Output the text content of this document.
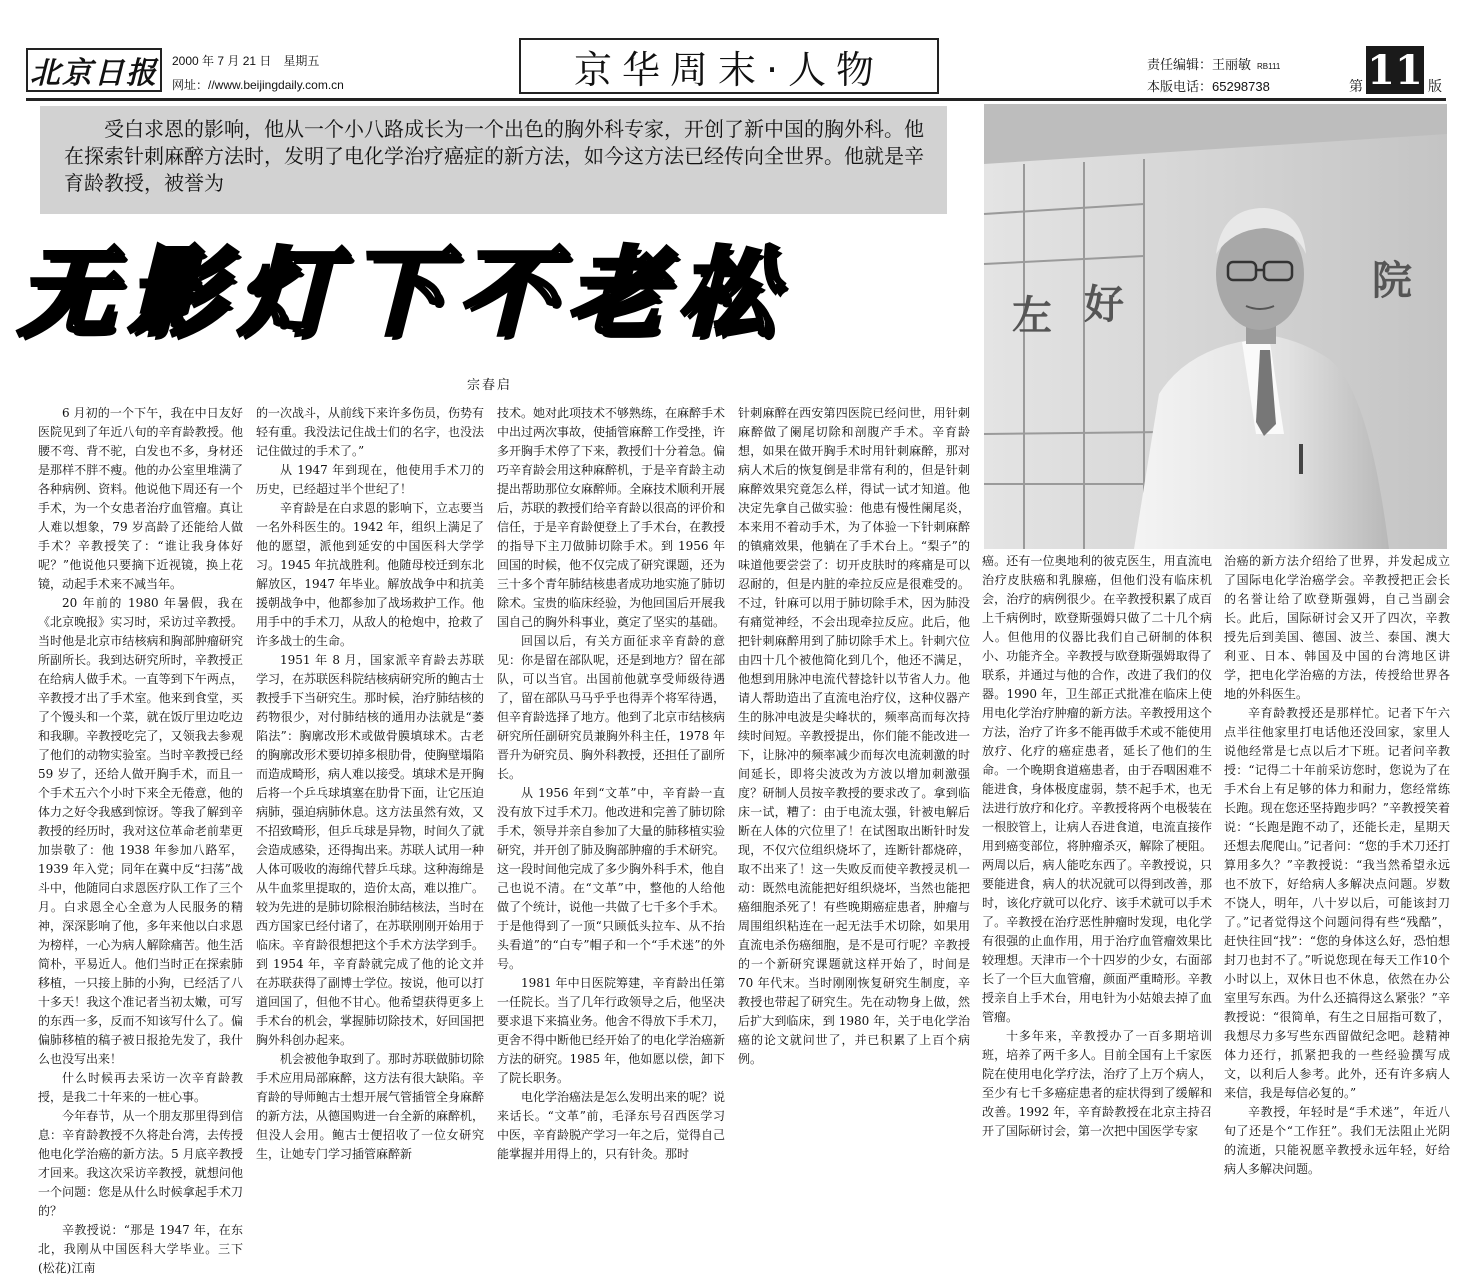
北京日报	2000 年 7 月 21 日　星期五
网址：//www.beijingdaily.com.cn	京华周末·人物	责任编辑：王丽敏 RB111
本版电话：65298738	第 11 版
受白求恩的影响，他从一个小八路成长为一个出色的胸外科专家，开创了新中国的胸外科。他在探索针刺麻醉方法时，发明了电化学治疗癌症的新方法，如今这方法已经传向全世界。他就是辛育龄教授，被誉为
无影灯下不老松
宗春启
左 好
院

6 月初的一个下午，我在中日友好医院见到了年近八旬的辛育龄教授。他腰不弯、背不驼，白发也不多，身材还是那样不胖不瘦。他的办公室里堆满了各种病例、资料。他说他下周还有一个手术，为一个女患者治疗血管瘤。真让人难以想象，79 岁高龄了还能给人做手术？辛教授笑了：“谁让我身体好呢？”他说他只要摘下近视镜，换上花镜，动起手术来不减当年。

20 年前的 1980 年暑假，我在《北京晚报》实习时，采访过辛教授。当时他是北京市结核病和胸部肿瘤研究所副所长。我到达研究所时，辛教授正在给病人做手术。一直等到下午两点，辛教授才出了手术室。他来到食堂，买了个馒头和一个菜，就在饭厅里边吃边和我聊。辛教授吃完了，又领我去参观了他们的动物实验室。当时辛教授已经 59 岁了，还给人做开胸手术，而且一个手术五六个小时下来全无倦意，他的体力之好令我感到惊讶。等我了解到辛教授的经历时，我对这位革命老前辈更加崇敬了：他 1938 年参加八路军，1939 年入党；同年在冀中反“扫荡”战斗中，他随同白求恩医疗队工作了三个月。白求恩全心全意为人民服务的精神，深深影响了他，多年来他以白求恩为榜样，一心为病人解除痛苦。他生活简朴，平易近人。他们当时正在探索肺移植，一只接上肺的小狗，已经活了八十多天！我这个准记者当初太嫩，可写的东西一多，反而不知该写什么了。偏偏肺移植的稿子被日报抢先发了，我什么也没写出来！

什么时候再去采访一次辛育龄教授，是我二十年来的一桩心事。

今年春节，从一个朋友那里得到信息：辛育龄教授不久将赴台湾，去传授他电化学治癌的新方法。5 月底辛教授才回来。我这次采访辛教授，就想问他一个问题：您是从什么时候拿起手术刀的？

辛教授说：“那是 1947 年，在东北，我刚从中国医科大学毕业。三下(松花)江南

的一次战斗，从前线下来许多伤员，伤势有轻有重。我没法记住战士们的名字，也没法记住做过的手术了。”

从 1947 年到现在，他使用手术刀的历史，已经超过半个世纪了！

辛育龄是在白求恩的影响下，立志要当一名外科医生的。1942 年，组织上满足了他的愿望，派他到延安的中国医科大学学习。1945 年抗战胜利。他随母校迁到东北解放区，1947 年毕业。解放战争中和抗美援朝战争中，他都参加了战场救护工作。他用手中的手术刀，从敌人的枪炮中，抢救了许多战士的生命。

1951 年 8 月，国家派辛育龄去苏联学习，在苏联医科院结核病研究所的鲍古士教授手下当研究生。那时候，治疗肺结核的药物很少，对付肺结核的通用办法就是“萎陷法”：胸廓改形术或做骨膜填球术。古老的胸廓改形术要切掉多根肋骨，使胸壁塌陷而造成畸形，病人难以接受。填球术是开胸后将一个乒乓球填塞在肋骨下面，让它压迫病肺，强迫病肺休息。这方法虽然有效，又不招致畸形，但乒乓球是异物，时间久了就会造成感染，还得掏出来。苏联人试用一种人体可吸收的海绵代替乒乓球。这种海绵是从牛血浆里提取的，造价太高，难以推广。较为先进的是肺切除根治肺结核法，当时在西方国家已经付诸了，在苏联刚刚开始用于临床。辛育龄很想把这个手术方法学到手。到 1954 年，辛育龄就完成了他的论文并在苏联获得了副博士学位。按说，他可以打道回国了，但他不甘心。他希望获得更多上手术台的机会，掌握肺切除技术，好回国把胸外科创办起来。

机会被他争取到了。那时苏联做肺切除手术应用局部麻醉，这方法有很大缺陷。辛育龄的导师鲍古士想开展气管插管全身麻醉的新方法，从德国购进一台全新的麻醉机，但没人会用。鲍古士便招收了一位女研究生，让她专门学习插管麻醉新

技术。她对此项技术不够熟练，在麻醉手术中出过两次事故，使插管麻醉工作受挫，许多开胸手术停了下来，教授们十分着急。偏巧辛育龄会用这种麻醉机，于是辛育龄主动提出帮助那位女麻醉师。全麻技术顺利开展后，苏联的教授们给辛育龄以很高的评价和信任，于是辛育龄便登上了手术台，在教授的指导下主刀做肺切除手术。到 1956 年回国的时候，他不仅完成了研究课题，还为三十多个青年肺结核患者成功地实施了肺切除术。宝贵的临床经验，为他回国后开展我国自己的胸外科事业，奠定了坚实的基础。

回国以后，有关方面征求辛育龄的意见：你是留在部队呢，还是到地方？留在部队，可以当官。出国前他就享受师级待遇了，留在部队马马乎乎也得弄个将军待遇，但辛育龄选择了地方。他到了北京市结核病研究所任副研究员兼胸外科主任，1978 年晋升为研究员、胸外科教授，还担任了副所长。

从 1956 年到“文革”中，辛育龄一直没有放下过手术刀。他改进和完善了肺切除手术，领导并亲自参加了大量的肺移植实验研究，并开创了肺及胸部肿瘤的手术研究。这一段时间他完成了多少胸外科手术，他自己也说不清。在“文革”中，整他的人给他做了个统计，说他一共做了七千多个手术。于是他得到了一顶“只顾低头拉车、从不抬头看道”的“白专”帽子和一个“手术迷”的外号。

1981 年中日医院筹建，辛育龄出任第一任院长。当了几年行政领导之后，他坚决要求退下来搞业务。他舍不得放下手术刀，更舍不得中断他已经开始了的电化学治癌新方法的研究。1985 年，他如愿以偿，卸下了院长职务。

电化学治癌法是怎么发明出来的呢？说来话长。“文革”前，毛泽东号召西医学习中医，辛育龄脱产学习一年之后，觉得自己能掌握并用得上的，只有针灸。那时

针刺麻醉在西安第四医院已经问世，用针刺麻醉做了阑尾切除和剖腹产手术。辛育龄想，如果在做开胸手术时用针刺麻醉，那对病人术后的恢复倒是非常有利的，但是针刺麻醉效果究竟怎么样，得试一试才知道。他决定先拿自己做实验：他患有慢性阑尾炎，本来用不着动手术，为了体验一下针刺麻醉的镇痛效果，他躺在了手术台上。“梨子”的味道他要尝尝了：切开皮肤时的疼痛是可以忍耐的，但是内脏的牵拉反应是很难受的。不过，针麻可以用于肺切除手术，因为肺没有痛觉神经，不会出现牵拉反应。此后，他把针刺麻醉用到了肺切除手术上。针刺穴位由四十几个被他简化到几个，他还不满足，他想到用脉冲电流代替捻针以节省人力。他请人帮助造出了直流电治疗仪，这种仪器产生的脉冲电波是尖峰状的，频率高而每次持续时间短。辛教授提出，你们能不能改进一下，让脉冲的频率减少而每次电流刺激的时间延长，即将尖波改为方波以增加刺激强度？研制人员按辛教授的要求改了。拿到临床一试，糟了：由于电流太强，针被电解后断在人体的穴位里了！在试图取出断针时发现，不仅穴位组织烧坏了，连断针都烧碎，取不出来了！这一失败反而使辛教授灵机一动：既然电流能把好组织烧坏，当然也能把癌细胞杀死了！有些晚期癌症患者，肿瘤与周围组织粘连在一起无法手术切除，如果用直流电杀伤癌细胞，是不是可行呢？辛教授的一个新研究课题就这样开始了，时间是 70 年代末。当时刚刚恢复研究生制度，辛教授也带起了研究生。先在动物身上做，然后扩大到临床，到 1980 年，关于电化学治癌的论文就问世了，并已积累了上百个病例。

癌。还有一位奥地利的彼克医生，用直流电治疗皮肤癌和乳腺癌，但他们没有临床机会，治疗的病例很少。在辛教授积累了成百上千病例时，欧登斯强姆只做了二十几个病人。但他用的仪器比我们自己研制的体积小、功能齐全。辛教授与欧登斯强姆取得了联系，并通过与他的合作，改进了我们的仪器。1990 年，卫生部正式批准在临床上使用电化学治疗肿瘤的新方法。辛教授用这个方法，治疗了许多不能再做手术或不能使用放疗、化疗的癌症患者，延长了他们的生命。一个晚期食道癌患者，由于吞咽困难不能进食，身体极度虚弱，禁不起手术，也无法进行放疗和化疗。辛教授将两个电极装在一根胶管上，让病人吞进食道，电流直接作用到癌变部位，将肿瘤杀灭，解除了梗阻。两周以后，病人能吃东西了。辛教授说，只要能进食，病人的状况就可以得到改善，那时，该化疗就可以化疗、该手术就可以手术了。辛教授在治疗恶性肿瘤时发现，电化学有很强的止血作用，用于治疗血管瘤效果比较理想。天津市一个十四岁的少女，右面部长了一个巨大血管瘤，颜面严重畸形。辛教授亲自上手术台，用电针为小姑娘去掉了血管瘤。

十多年来，辛教授办了一百多期培训班，培养了两千多人。目前全国有上千家医院在使用电化学疗法，治疗了上万个病人，至少有七千多癌症患者的症状得到了缓解和改善。1992 年，辛育龄教授在北京主持召开了国际研讨会，第一次把中国医学专家

治癌的新方法介绍给了世界，并发起成立了国际电化学治癌学会。辛教授把正会长的名誉让给了欧登斯强姆，自己当副会长。此后，国际研讨会又开了四次，辛教授先后到美国、德国、波兰、泰国、澳大利亚、日本、韩国及中国的台湾地区讲学，把电化学治癌的方法，传授给世界各地的外科医生。

辛育龄教授还是那样忙。记者下午六点半往他家里打电话他还没回家，家里人说他经常是七点以后才下班。记者问辛教授：“记得二十年前采访您时，您说为了在手术台上有足够的体力和耐力，您经常练长跑。现在您还坚持跑步吗？”辛教授笑着说：“长跑是跑不动了，还能长走，星期天还想去爬爬山。”记者问：“您的手术刀还打算用多久？”辛教授说：“我当然希望永远也不放下，好给病人多解决点问题。岁数不饶人，明年，八十岁以后，可能该封刀了。”记者觉得这个问题问得有些“残酷”，赶快往回“找”：“您的身体这么好，恐怕想封刀也封不了。”听说您现在每天工作10个小时以上，双休日也不休息，依然在办公室里写东西。为什么还搞得这么紧张？”辛教授说：“很简单，有生之日屈指可数了，我想尽力多写些东西留做纪念吧。趁精神体力还行，抓紧把我的一些经验撰写成文，以利后人参考。此外，还有许多病人来信，我是每信必复的。”

辛教授，年轻时是“手术迷”，年近八旬了还是个“工作狂”。我们无法阻止光阴的流逝，只能祝愿辛教授永远年轻，好给病人多解决问题。
